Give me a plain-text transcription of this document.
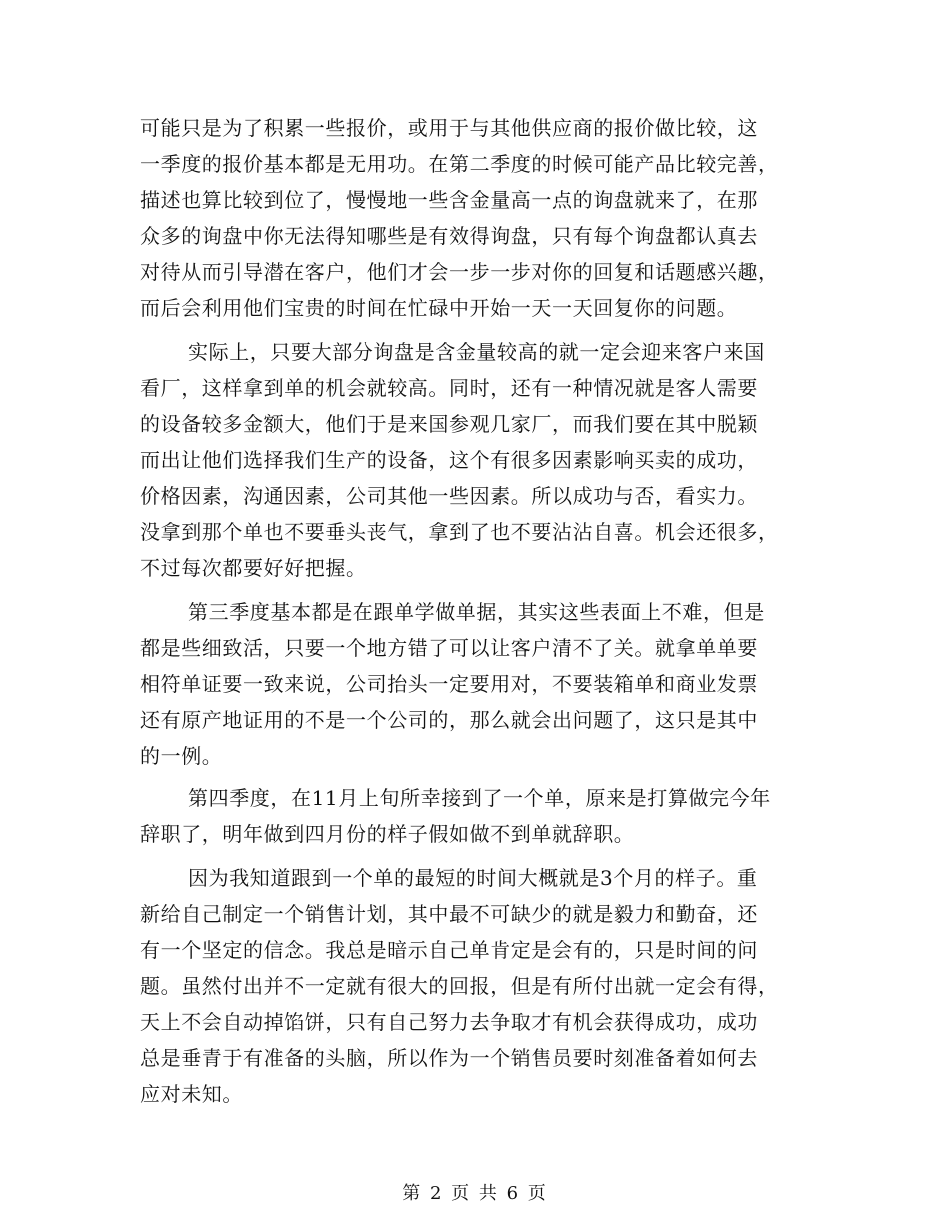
可能只是为了积累一些报价，或用于与其他供应商的报价做比较，这
一季度的报价基本都是无用功。在第二季度的时候可能产品比较完善，
描述也算比较到位了，慢慢地一些含金量高一点的询盘就来了，在那
众多的询盘中你无法得知哪些是有效得询盘，只有每个询盘都认真去
对待从而引导潜在客户，他们才会一步一步对你的回复和话题感兴趣，
而后会利用他们宝贵的时间在忙碌中开始一天一天回复你的问题。
实际上，只要大部分询盘是含金量较高的就一定会迎来客户来国
看厂，这样拿到单的机会就较高。同时，还有一种情况就是客人需要
的设备较多金额大，他们于是来国参观几家厂，而我们要在其中脱颖
而出让他们选择我们生产的设备，这个有很多因素影响买卖的成功，
价格因素，沟通因素，公司其他一些因素。所以成功与否，看实力。
没拿到那个单也不要垂头丧气，拿到了也不要沾沾自喜。机会还很多，
不过每次都要好好把握。
第三季度基本都是在跟单学做单据，其实这些表面上不难，但是
都是些细致活，只要一个地方错了可以让客户清不了关。就拿单单要
相符单证要一致来说，公司抬头一定要用对，不要装箱单和商业发票
还有原产地证用的不是一个公司的，那么就会出问题了，这只是其中
的一例。
第四季度，在11月上旬所幸接到了一个单，原来是打算做完今年
辞职了，明年做到四月份的样子假如做不到单就辞职。
因为我知道跟到一个单的最短的时间大概就是3个月的样子。重
新给自己制定一个销售计划，其中最不可缺少的就是毅力和勤奋，还
有一个坚定的信念。我总是暗示自己单肯定是会有的，只是时间的问
题。虽然付出并不一定就有很大的回报，但是有所付出就一定会有得，
天上不会自动掉馅饼，只有自己努力去争取才有机会获得成功，成功
总是垂青于有准备的头脑，所以作为一个销售员要时刻准备着如何去
应对未知。
第 2 页 共 6 页
